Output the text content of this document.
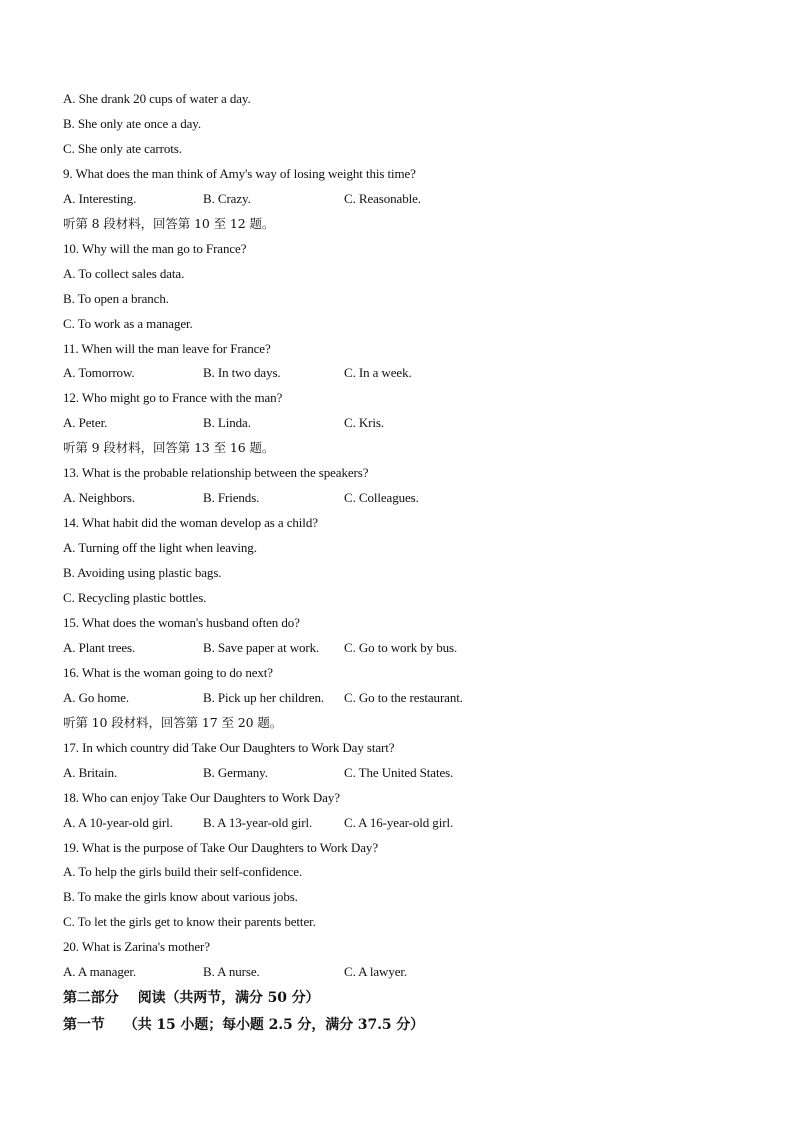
A. She drank 20 cups of water a day.
B. She only ate once a day.
C. She only ate carrots.
9. What does the man think of Amy's way of losing weight this time?
A. Interesting.	B. Crazy.	C. Reasonable.
听第 8 段材料，回答第 10 至 12 题。
10. Why will the man go to France?
A. To collect sales data.
B. To open a branch.
C. To work as a manager.
11. When will the man leave for France?
A. Tomorrow.	B. In two days.	C. In a week.
12. Who might go to France with the man?
A. Peter.	B. Linda.	C. Kris.
听第 9 段材料，回答第 13 至 16 题。
13. What is the probable relationship between the speakers?
A. Neighbors.	B. Friends.	C. Colleagues.
14. What habit did the woman develop as a child?
A. Turning off the light when leaving.
B. Avoiding using plastic bags.
C. Recycling plastic bottles.
15. What does the woman's husband often do?
A. Plant trees.	B. Save paper at work. C. Go to work by bus.
16. What is the woman going to do next?
A. Go home.	B. Pick up her children. C. Go to the restaurant.
听第 10 段材料，回答第 17 至 20 题。
17. In which country did Take Our Daughters to Work Day start?
A. Britain.	B. Germany.	C. The United States.
18. Who can enjoy Take Our Daughters to Work Day?
A. A 10-year-old girl. B. A 13-year-old girl. C. A 16-year-old girl.
19. What is the purpose of Take Our Daughters to Work Day?
A. To help the girls build their self-confidence.
B. To make the girls know about various jobs.
C. To let the girls get to know their parents better.
20. What is Zarina's mother?
A. A manager.	B. A nurse.	C. A lawyer.
第二部分    阅读（共两节，满分 50 分）
第一节    （共 15 小题；每小题 2.5 分，满分 37.5 分）
